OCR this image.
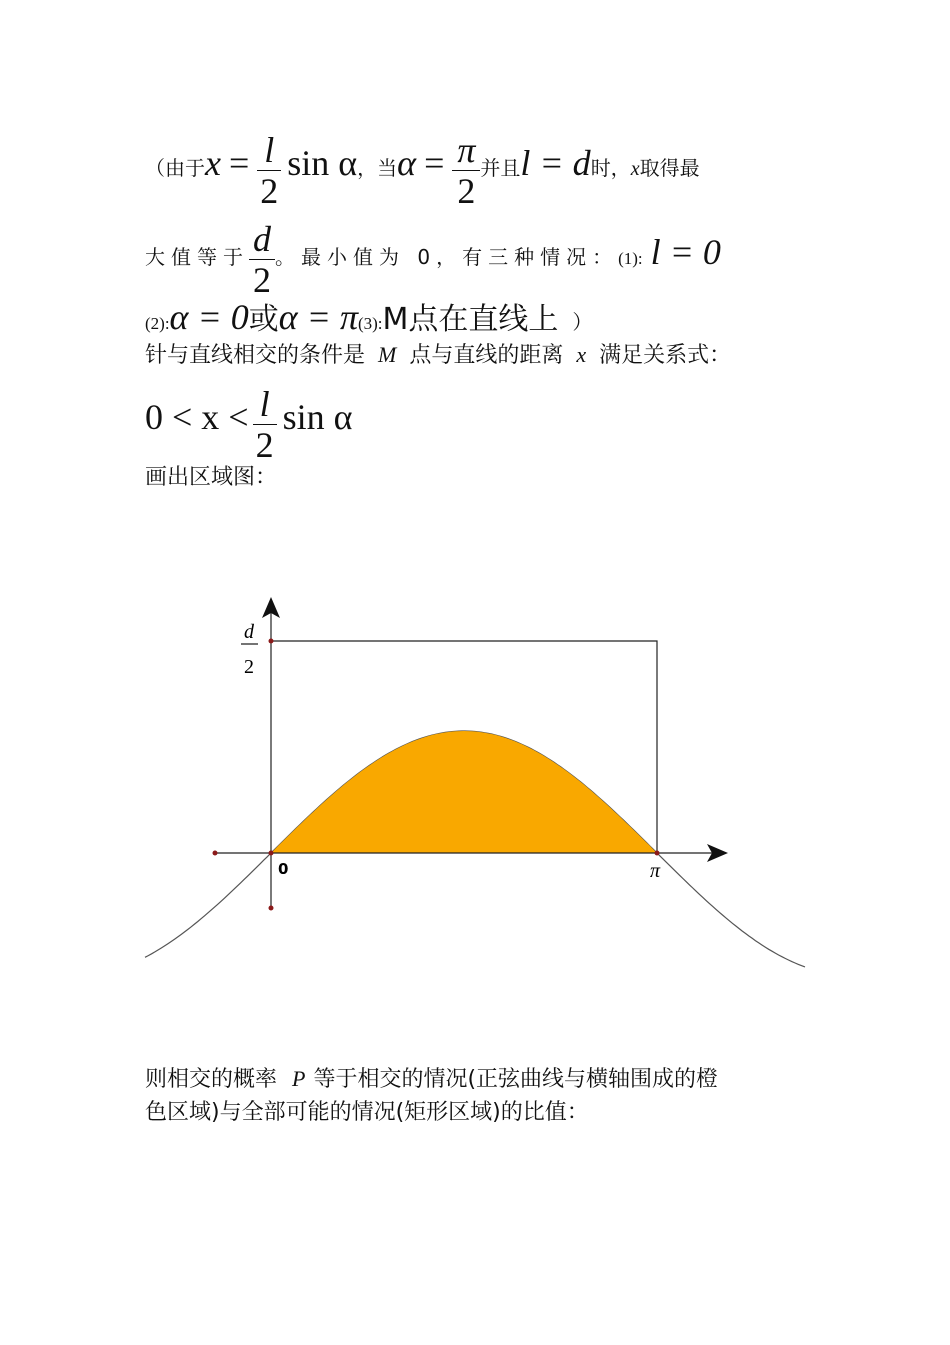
（由于$x = \frac{l}{2}$ sin α，当$\alpha = \frac{\pi}{2}$ 并且l = d时，x取得最
大值等于 $\frac{d}{2}$ 。最小值为 0，有三种情况：(1): l = 0
(2):α = 0或α = π(3):M点在直线上 ）
针与直线相交的条件是 M 点与直线的距离 x 满足关系式：
$0 < x < \frac{l}{2}$ sin α
画出区域图：
d
2
0	π
则相交的概率 P 等于相交的情况(正弦曲线与横轴围成的橙
色区域)与全部可能的情况(矩形区域)的比值：
